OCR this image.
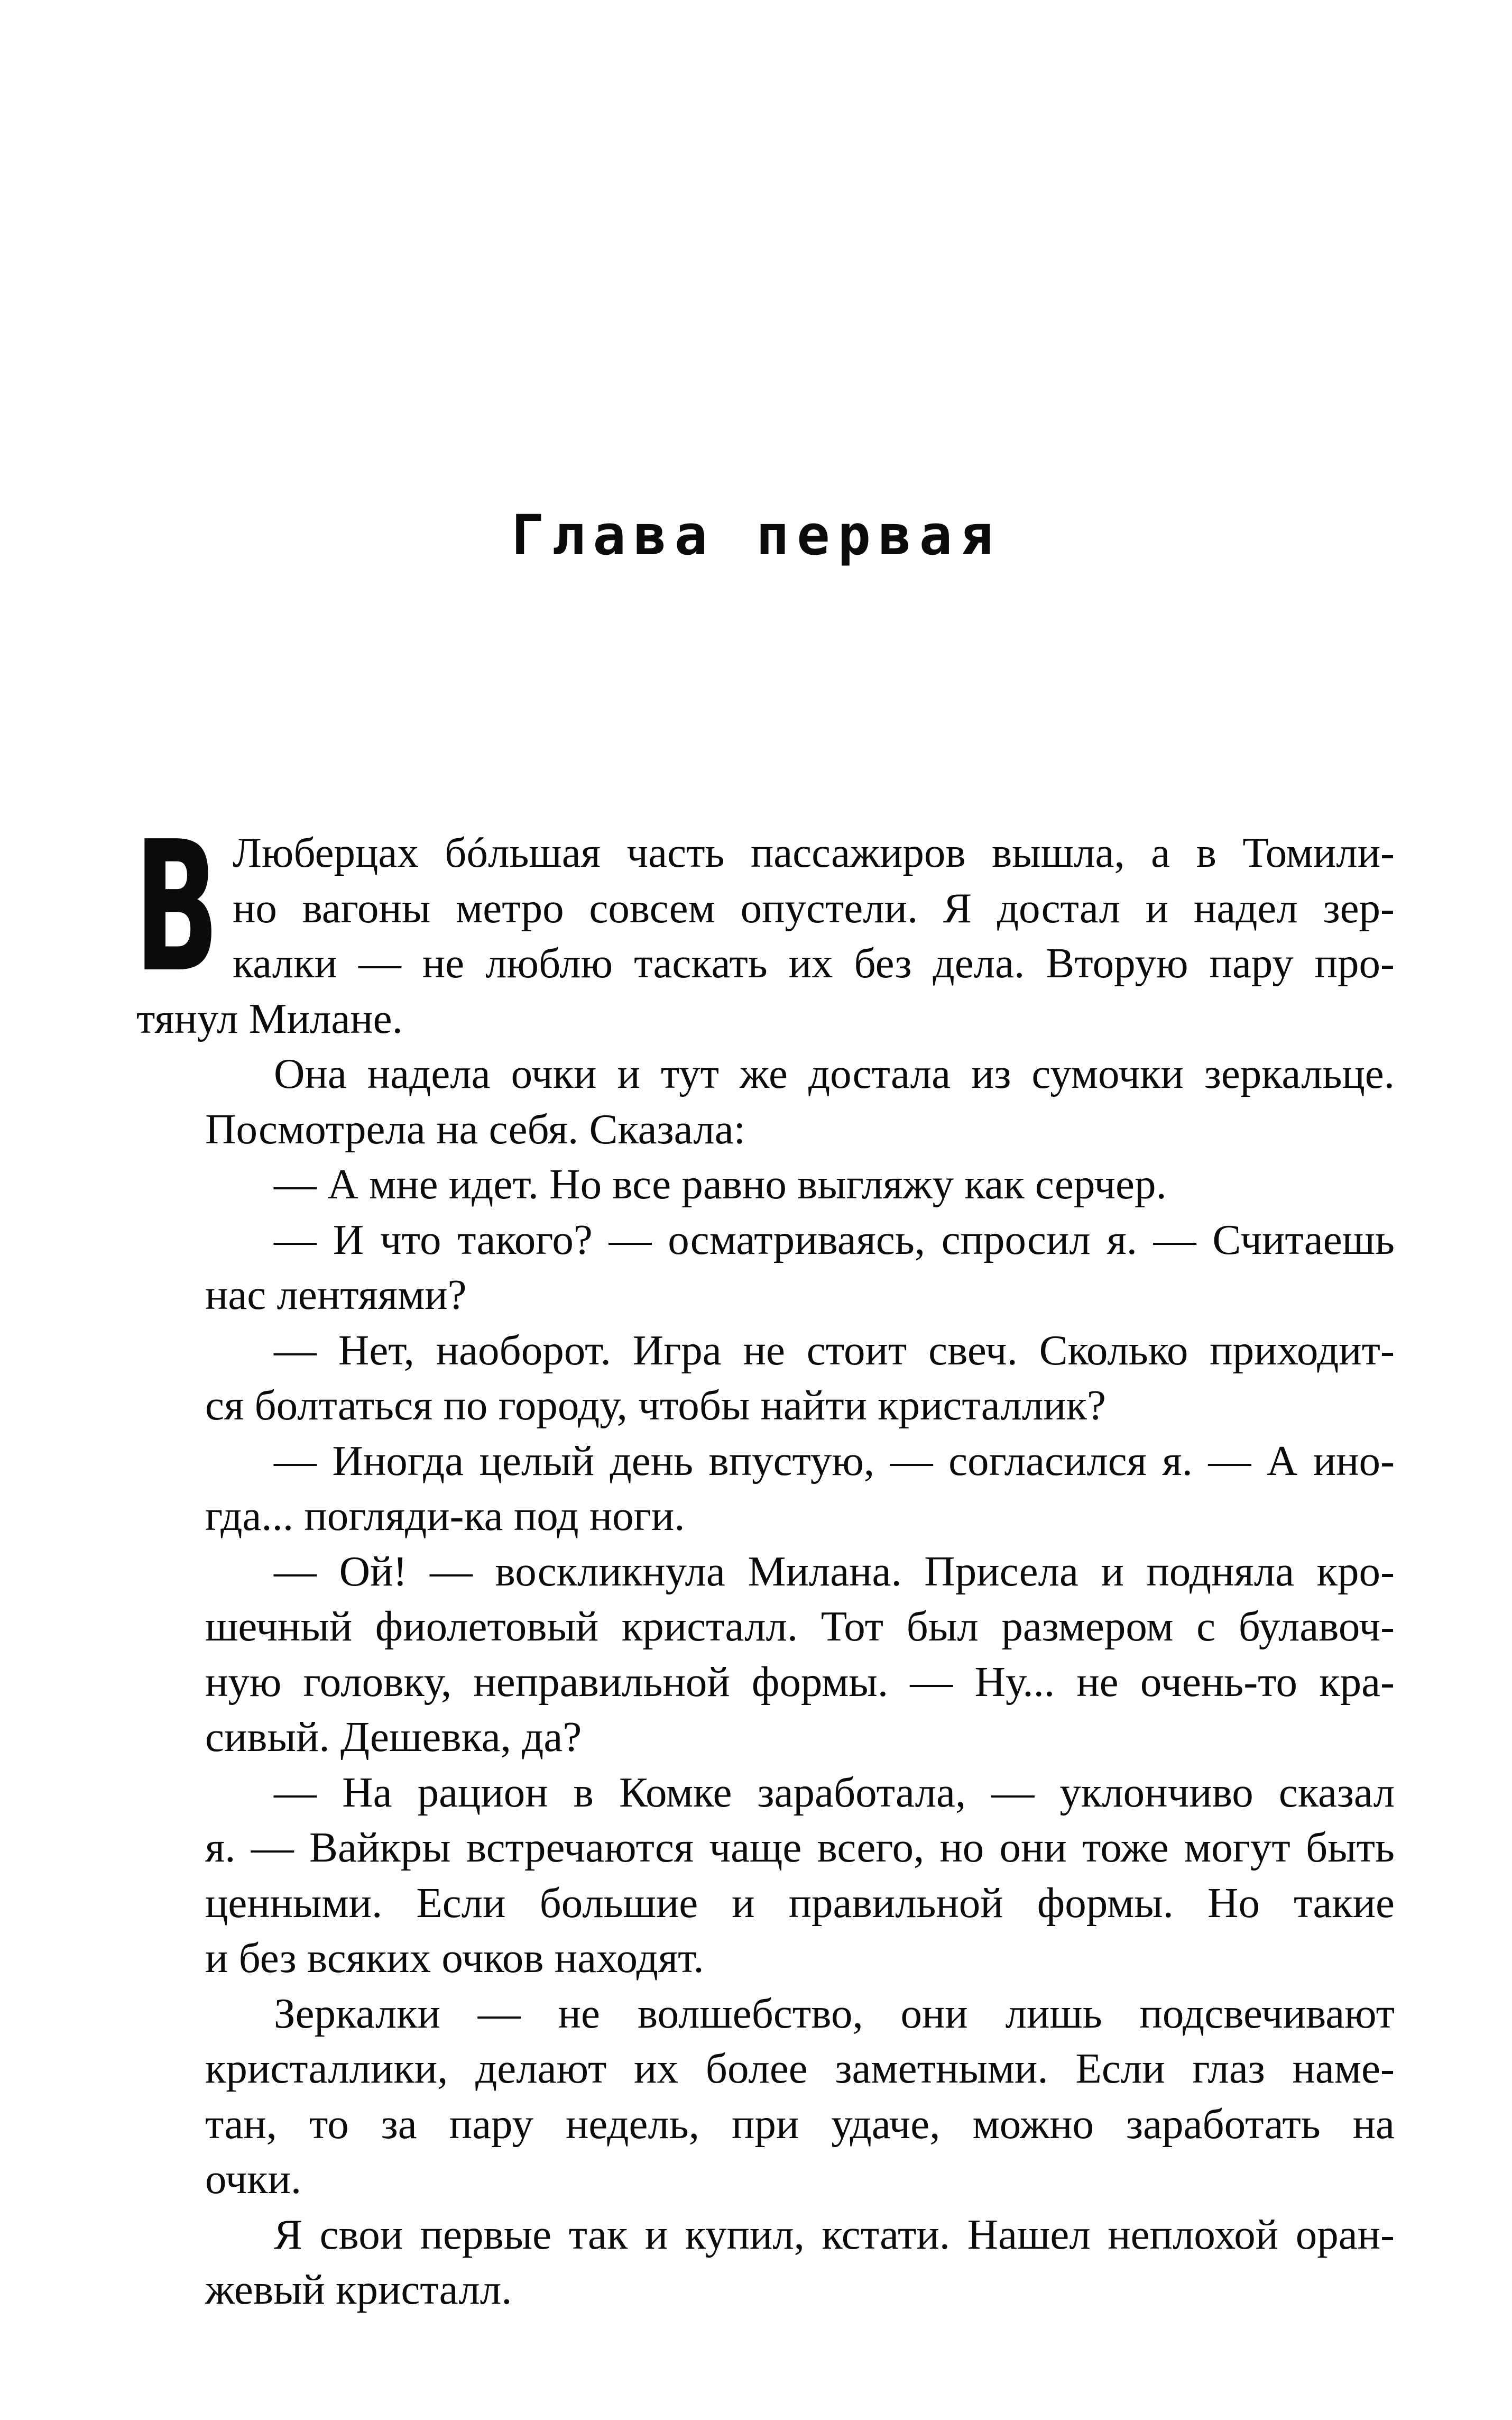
Глава первая
В Люберцах бóльшая часть пассажиров вышла, а в Томили-
но вагоны метро совсем опустели. Я достал и надел зер-
калки — не люблю таскать их без дела. Вторую пару про-
тянул Милане.
Она надела очки и тут же достала из сумочки зеркальце.
Посмотрела на себя. Сказала:
— А мне идет. Но все равно выгляжу как серчер.
— И что такого? — осматриваясь, спросил я. — Считаешь
нас лентяями?
— Нет, наоборот. Игра не стоит свеч. Сколько приходит-
ся болтаться по городу, чтобы найти кристаллик?
— Иногда целый день впустую, — согласился я. — А ино-
гда... погляди-ка под ноги.
— Ой! — воскликнула Милана. Присела и подняла кро-
шечный фиолетовый кристалл. Тот был размером с булавоч-
ную головку, неправильной формы. — Ну... не очень-то кра-
сивый. Дешевка, да?
— На рацион в Комке заработала, — уклончиво сказал
я. — Вайкры встречаются чаще всего, но они тоже могут быть
ценными. Если большие и правильной формы. Но такие
и без всяких очков находят.
Зеркалки — не волшебство, они лишь подсвечивают
кристаллики, делают их более заметными. Если глаз наме-
тан, то за пару недель, при удаче, можно заработать на
очки.
Я свои первые так и купил, кстати. Нашел неплохой оран-
жевый кристалл.
